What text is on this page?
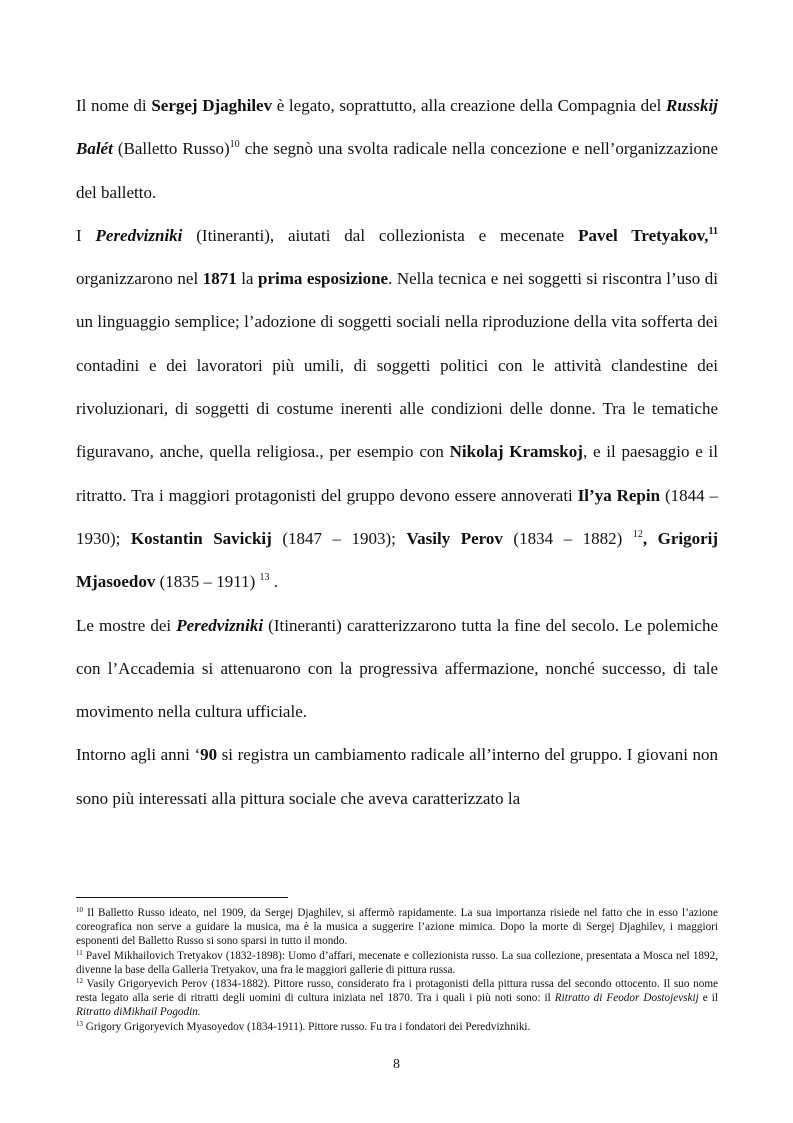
Il nome di Sergej Djaghilev è legato, soprattutto, alla creazione della Compagnia del Russkij Balét (Balletto Russo)$^{10}$ che segnò una svolta radicale nella concezione e nell’organizzazione del balletto.

I Peredvizniki (Itineranti), aiutati dal collezionista e mecenate Pavel Tretyakov,$^{11}$ organizzarono nel 1871 la prima esposizione. Nella tecnica e nei soggetti si riscontra l’uso di un linguaggio semplice; l’adozione di soggetti sociali nella riproduzione della vita sofferta dei contadini e dei lavoratori più umili, di soggetti politici con le attività clandestine dei rivoluzionari, di soggetti di costume inerenti alle condizioni delle donne. Tra le tematiche figuravano, anche, quella religiosa., per esempio con Nikolaj Kramskoj, e il paesaggio e il ritratto. Tra i maggiori protagonisti del gruppo devono essere annoverati Il’ya Repin (1844 – 1930); Kostantin Savickij (1847 – 1903); Vasily Perov (1834 – 1882) $^{12}$, Grigorij Mjasoedov (1835 – 1911) $^{13}$ .

Le mostre dei Peredvizniki (Itineranti) caratterizzarono tutta la fine del secolo. Le polemiche con l’Accademia si attenuarono con la progressiva affermazione, nonché successo, di tale movimento nella cultura ufficiale.

Intorno agli anni ‘90 si registra un cambiamento radicale all’interno del gruppo. I giovani non sono più interessati alla pittura sociale che aveva caratterizzato la

$^{10}$ Il Balletto Russo ideato, nel 1909, da Sergej Djaghilev, si affermò rapidamente. La sua importanza risiede nel fatto che in esso l’azione coreografica non serve a guidare la musica, ma è la musica a suggerire l’azione mimica. Dopo la morte di Sergej Djaghilev, i maggiori esponenti del Balletto Russo si sono sparsi in tutto il mondo.

$^{11}$ Pavel Mikhailovich Tretyakov (1832-1898): Uomo d’affari, mecenate e collezionista russo. La sua collezione, presentata a Mosca nel 1892, divenne la base della Galleria Tretyakov, una fra le maggiori gallerie di pittura russa.

$^{12}$ Vasily Grigoryevich Perov (1834-1882). Pittore russo, considerato fra i protagonisti della pittura russa del secondo ottocento. Il suo nome resta legato alla serie di ritratti degli uomini di cultura iniziata nel 1870. Tra i quali i più noti sono: il Ritratto di Feodor Dostojevskij e il Ritratto diMikhail Pogodin.

$^{13}$ Grigory Grigoryevich Myasoyedov (1834-1911). Pittore russo. Fu tra i fondatori dei Peredvizhniki.

8
